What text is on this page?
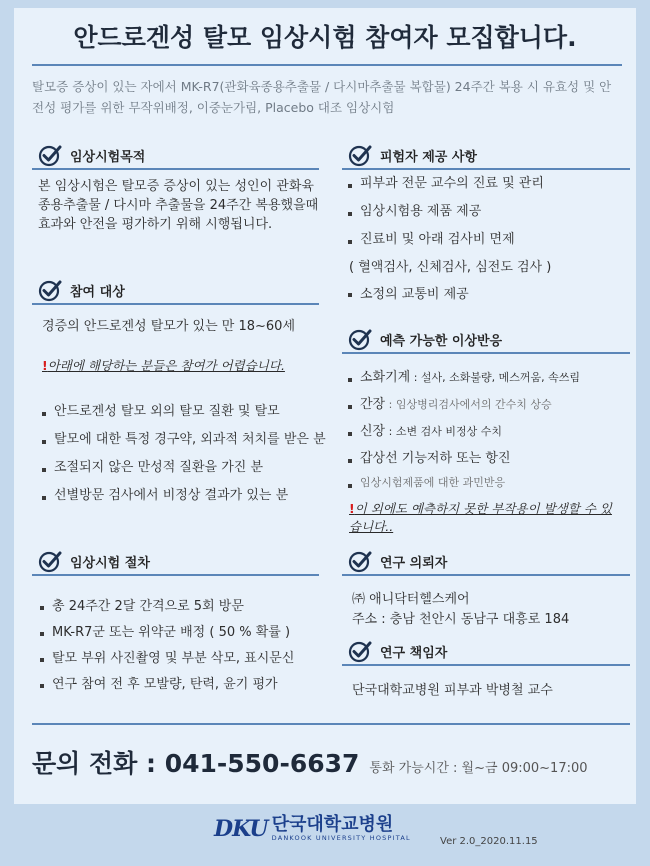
안드로겐성 탈모 임상시험 참여자 모집합니다.
탈모증 증상이 있는 자에서 MK-R7(관화육종용추출물 / 다시마추출물 복합물) 24주간 복용 시 유효성 및 안전성 평가를 위한 무작위배정, 이중눈가림, Placebo 대조 임상시험
임상시험목적
본 임상시험은 탈모증 증상이 있는 성인이 관화육종용추출물 / 다시마 추출물을 24주간 복용했을때 효과와 안전을 평가하기 위해 시행됩니다.
참여 대상
경증의 안드로겐성 탈모가 있는 만 18~60세
!아래에 해당하는 분들은 참여가 어렵습니다.
안드로겐성 탈모 외의 탈모 질환 및 탈모
탈모에 대한 특정 경구약, 외과적 처치를 받은 분
조절되지 않은 만성적 질환을 가진 분
선별방문 검사에서 비정상 결과가 있는 분
임상시험 절차
총 24주간 2달 간격으로 5회 방문
MK-R7군 또는 위약군 배정 ( 50 % 확률 )
탈모 부위 사진촬영 및 부분 삭모, 표시문신
연구 참여 전 후 모발량, 탄력, 윤기 평가
피험자 제공 사항
피부과 전문 교수의 진료 및 관리
임상시험용 제품 제공
진료비 및 아래 검사비 면제
( 혈액검사, 신체검사, 심전도 검사 )
소정의 교통비 제공
예측 가능한 이상반응
소화기계 : 설사, 소화불량, 메스꺼움, 속쓰림
간장 : 임상병리검사에서의 간수치 상승
신장 : 소변 검사 비정상 수치
갑상선 기능저하 또는 항진
임상시험제품에 대한 과민반응
!이 외에도 예측하지 못한 부작용이 발생할 수 있습니다..
연구 의뢰자
㈜ 애니닥터헬스케어
주소 : 충남 천안시 동남구 대흥로 184
연구 책임자
단국대학교병원 피부과 박병철 교수
문의 전화 : 041-550-6637 통화 가능시간 : 월~금 09:00~17:00
DKU 단국대학교병원
DANKOOK UNIVERSITY HOSPITAL	Ver 2.0_2020.11.15
